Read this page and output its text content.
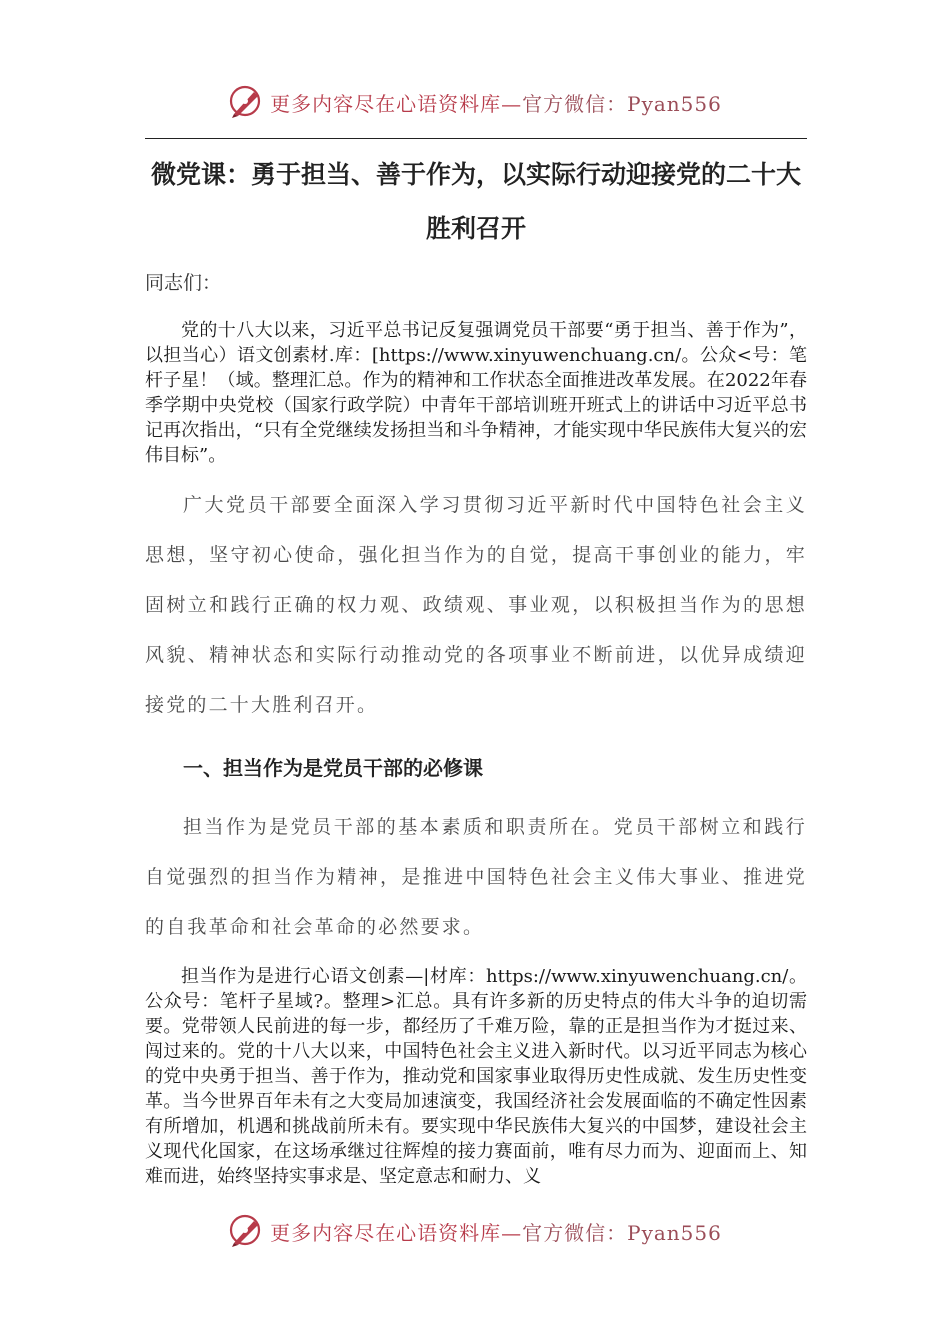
更多内容尽在心语资料库— 官方微信：Pyan556
微党课：勇于担当、善于作为，以实际行动迎接党的二十大胜利召开
同志们：
党的十八大以来，习近平总书记反复强调党员干部要“勇于担当、善于作为”，以担当心）语文创素材.库：[https://www.xinyuwenchuang.cn/。公众<号：笔杆子星！（域。整理汇总。作为的精神和工作状态全面推进改革发展。在2022年春季学期中央党校（国家行政学院）中青年干部培训班开班式上的讲话中习近平总书记再次指出，“只有全党继续发扬担当和斗争精神，才能实现中华民族伟大复兴的宏伟目标”。
广大党员干部要全面深入学习贯彻习近平新时代中国特色社会主义思想，坚守初心使命，强化担当作为的自觉，提高干事创业的能力，牢固树立和践行正确的权力观、政绩观、事业观，以积极担当作为的思想风貌、精神状态和实际行动推动党的各项事业不断前进，以优异成绩迎接党的二十大胜利召开。
一、担当作为是党员干部的必修课
担当作为是党员干部的基本素质和职责所在。党员干部树立和践行自觉强烈的担当作为精神，是推进中国特色社会主义伟大事业、推进党的自我革命和社会革命的必然要求。
担当作为是进行心语文创素—|材库：https://www.xinyuwenchuang.cn/。公众号：笔杆子星域?。整理>汇总。具有许多新的历史特点的伟大斗争的迫切需要。党带领人民前进的每一步，都经历了千难万险，靠的正是担当作为才挺过来、闯过来的。党的十八大以来，中国特色社会主义进入新时代。以习近平同志为核心的党中央勇于担当、善于作为，推动党和国家事业取得历史性成就、发生历史性变革。当今世界百年未有之大变局加速演变，我国经济社会发展面临的不确定性因素有所增加，机遇和挑战前所未有。要实现中华民族伟大复兴的中国梦，建设社会主义现代化国家，在这场承继过往辉煌的接力赛面前，唯有尽力而为、迎面而上、知难而进，始终坚持实事求是、坚定意志和耐力、义
更多内容尽在心语资料库— 官方微信：Pyan556
